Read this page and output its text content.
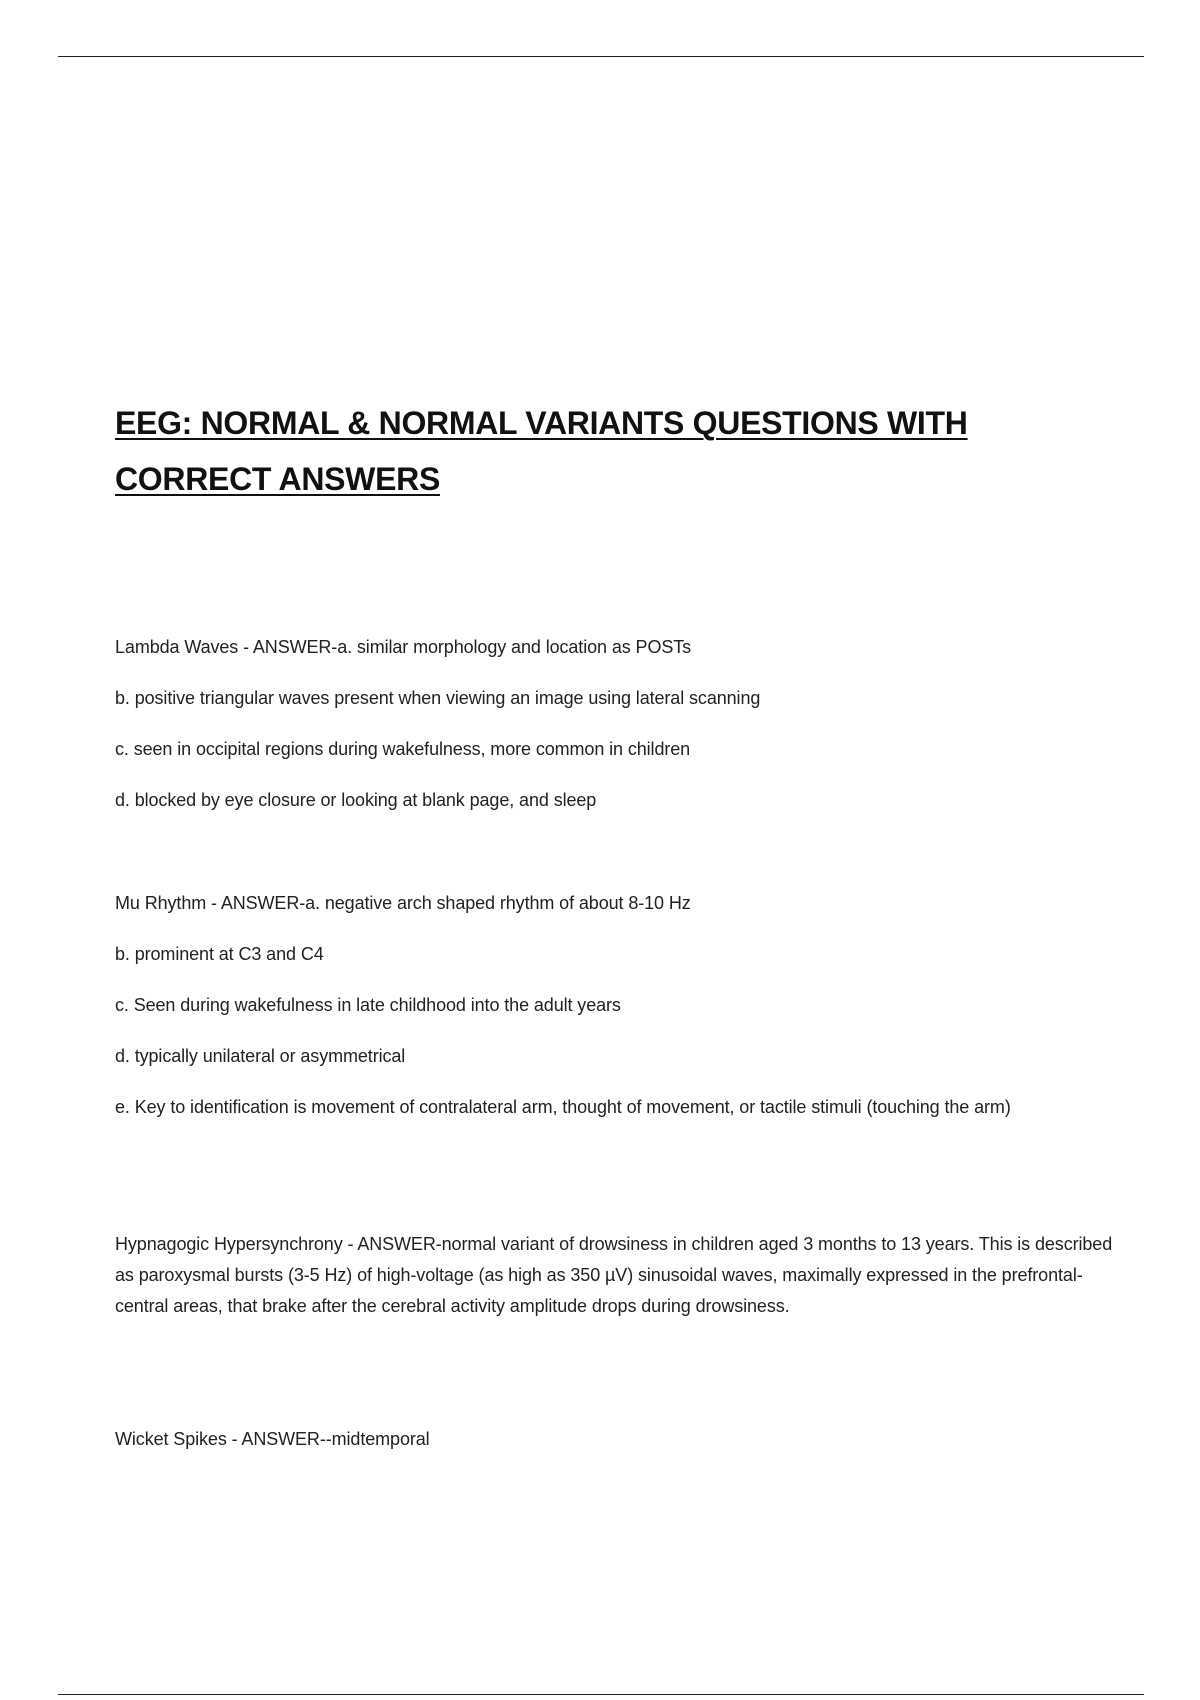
EEG: NORMAL & NORMAL VARIANTS QUESTIONS WITH CORRECT ANSWERS

Lambda Waves - ANSWER-a. similar morphology and location as POSTs

b. positive triangular waves present when viewing an image using lateral scanning

c. seen in occipital regions during wakefulness, more common in children

d. blocked by eye closure or looking at blank page, and sleep

Mu Rhythm - ANSWER-a. negative arch shaped rhythm of about 8-10 Hz

b. prominent at C3 and C4

c. Seen during wakefulness in late childhood into the adult years

d. typically unilateral or asymmetrical

e. Key to identification is movement of contralateral arm, thought of movement, or tactile stimuli (touching the arm)

Hypnagogic Hypersynchrony - ANSWER-normal variant of drowsiness in children aged 3 months to 13 years. This is described as paroxysmal bursts (3-5 Hz) of high-voltage (as high as 350 µV) sinusoidal waves, maximally expressed in the prefrontal-central areas, that brake after the cerebral activity amplitude drops during drowsiness.

Wicket Spikes - ANSWER--midtemporal
